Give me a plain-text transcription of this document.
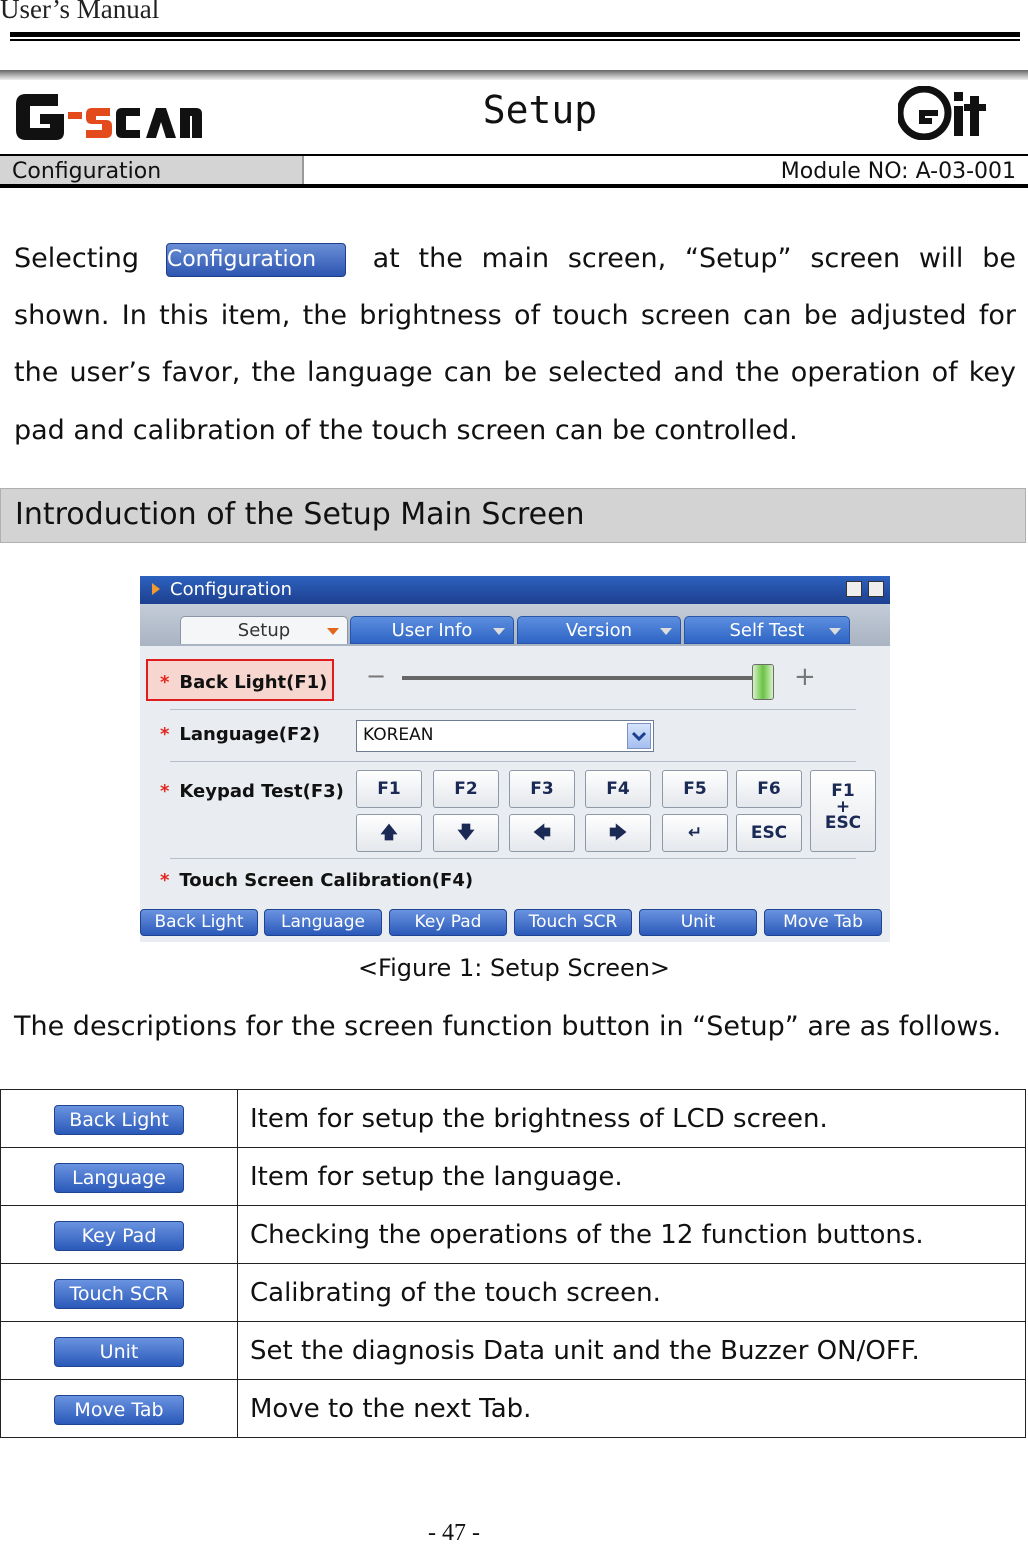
User’s Manual
Setup
Configuration	Module NO: A-03-001
Selecting Configuration at the main screen, “Setup” screen will be
shown. In this item, the brightness of touch screen can be adjusted for
the user’s favor, the language can be selected and the operation of key
pad and calibration of the touch screen can be controlled.
Introduction of the Setup Main Screen
Configuration
Setup	User Info	Version	Self Test
* Back Light(F1) −	+
* Language(F2)	KOREAN
* Keypad Test(F3)	F1	F2	F3	F4	F5	F6
🡅	🡇	🡄	🡆	↵	ESC
F1
+
ESC
* Touch Screen Calibration(F4)
Back Light	Language	Key Pad	Touch SCR	Unit	Move Tab
<Figure 1: Setup Screen>
The descriptions for the screen function button in “Setup” are as follows.
Back Light	Item for setup the brightness of LCD screen.
Language	Item for setup the language.
Key Pad	Checking the operations of the 12 function buttons.
Touch SCR	Calibrating of the touch screen.
Unit	Set the diagnosis Data unit and the Buzzer ON/OFF.
Move Tab	Move to the next Tab.
- 47 -
